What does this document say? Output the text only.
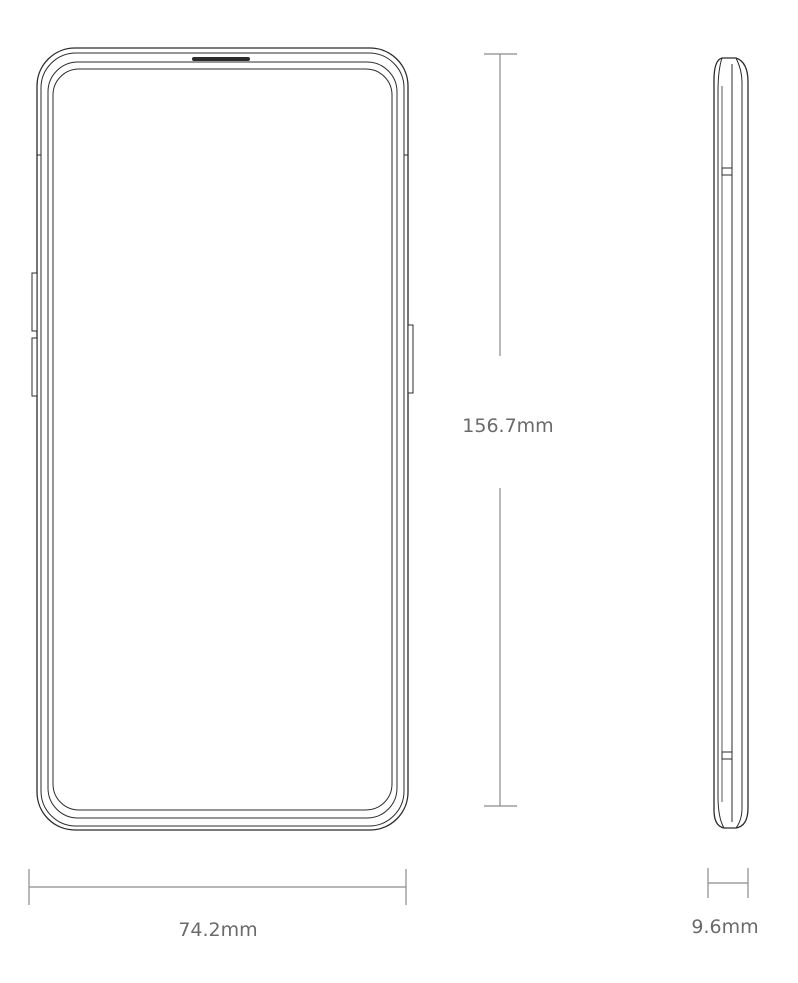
156.7mm
74.2mm	9.6mm
